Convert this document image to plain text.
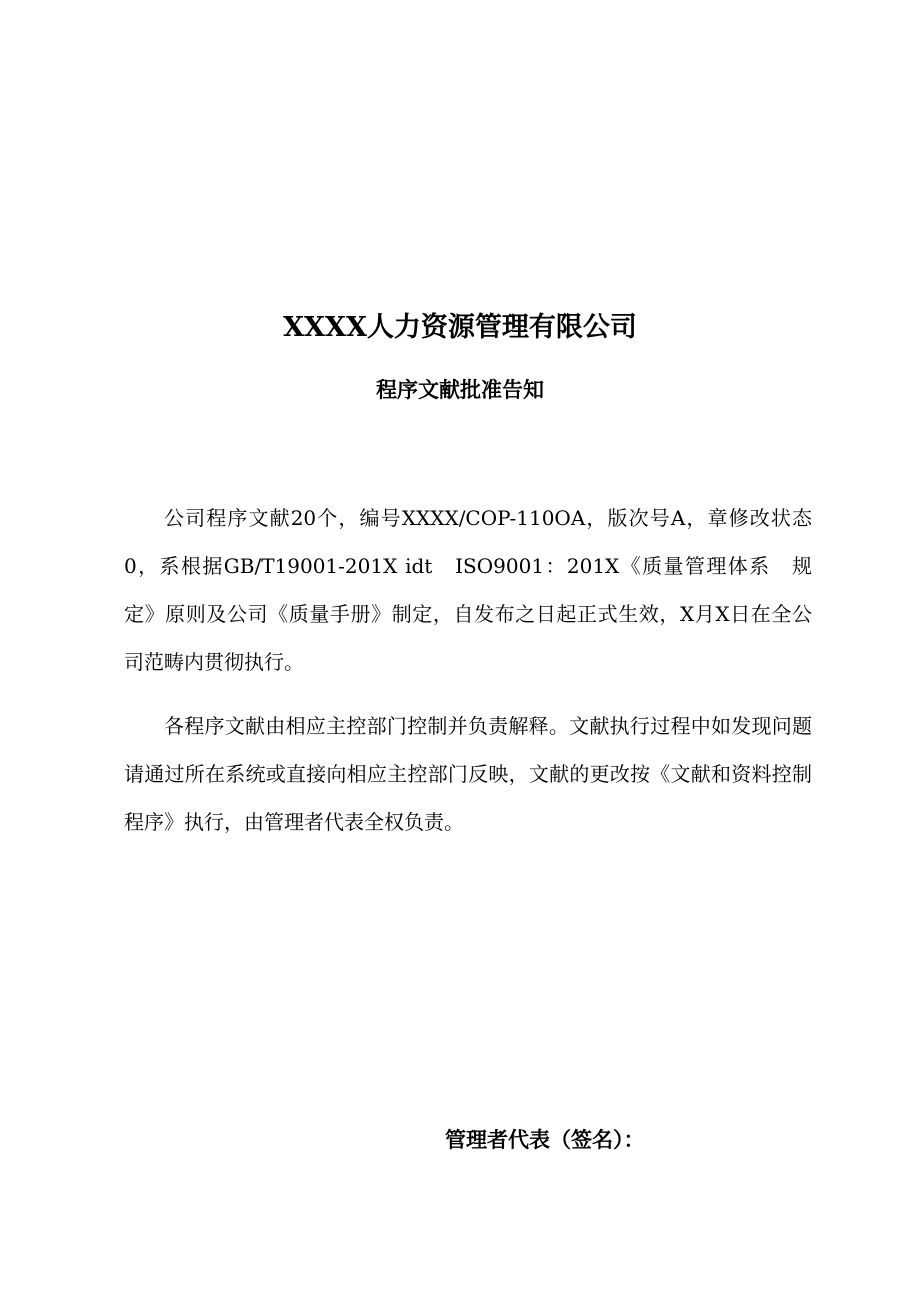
XXXX人力资源管理有限公司
程序文献批准告知

公司程序文献20个，编号XXXX/COP-110OA，版次号A，章修改状态0，系根据GB/T19001-201X idt　ISO9001：201X《质量管理体系　规定》原则及公司《质量手册》制定，自发布之日起正式生效，X月X日在全公司范畴内贯彻执行。

各程序文献由相应主控部门控制并负责解释。文献执行过程中如发现问题请通过所在系统或直接向相应主控部门反映，文献的更改按《文献和资料控制程序》执行，由管理者代表全权负责。

管理者代表（签名）：
